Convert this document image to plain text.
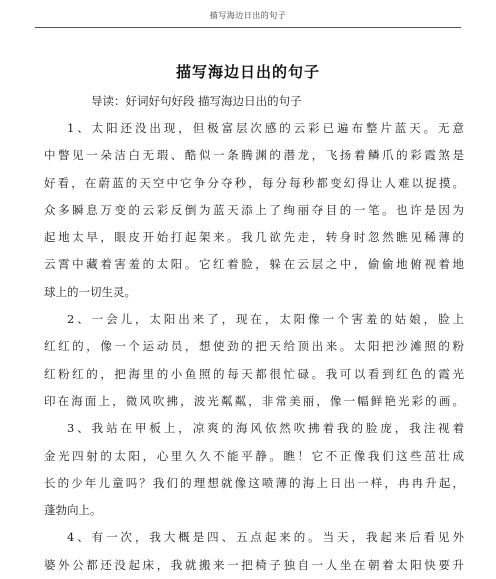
描写海边日出的句子
描写海边日出的句子

导读：好词好句好段 描写海边日出的句子

1、太阳还没出现，但极富层次感的云彩已遍布整片蓝天。无意
中瞥见一朵洁白无瑕、酷似一条腾渊的潜龙，飞扬着鳞爪的彩霞煞是
好看，在蔚蓝的天空中它争分夺秒，每分每秒都变幻得让人难以捉摸。
众多瞬息万变的云彩反倒为蓝天添上了绚丽夺目的一笔。也许是因为
起地太早，眼皮开始打起架来。我几欲先走，转身时忽然瞧见稀薄的
云霄中藏着害羞的太阳。它红着脸，躲在云层之中，偷偷地俯视着地
球上的一切生灵。
2、一会儿，太阳出来了，现在，太阳像一个害羞的姑娘，脸上
红红的，像一个运动员，想使劲的把天给顶出来。太阳把沙滩照的粉
红粉红的，把海里的小鱼照的每天都很忙碌。我可以看到红色的霞光
印在海面上，微风吹拂，波光粼粼，非常美丽，像一幅鲜艳光彩的画。
3、我站在甲板上，凉爽的海风依然吹拂着我的脸庞，我注视着
金光四射的太阳，心里久久不能平静。瞧！它不正像我们这些茁壮成
长的少年儿童吗？我们的理想就像这喷薄的海上日出一样，冉冉升起，
蓬勃向上。
4、有一次，我大概是四、五点起来的。当天，我起来后看见外
婆外公都还没起床，我就搬来一把椅子独自一人坐在朝着太阳快要升
